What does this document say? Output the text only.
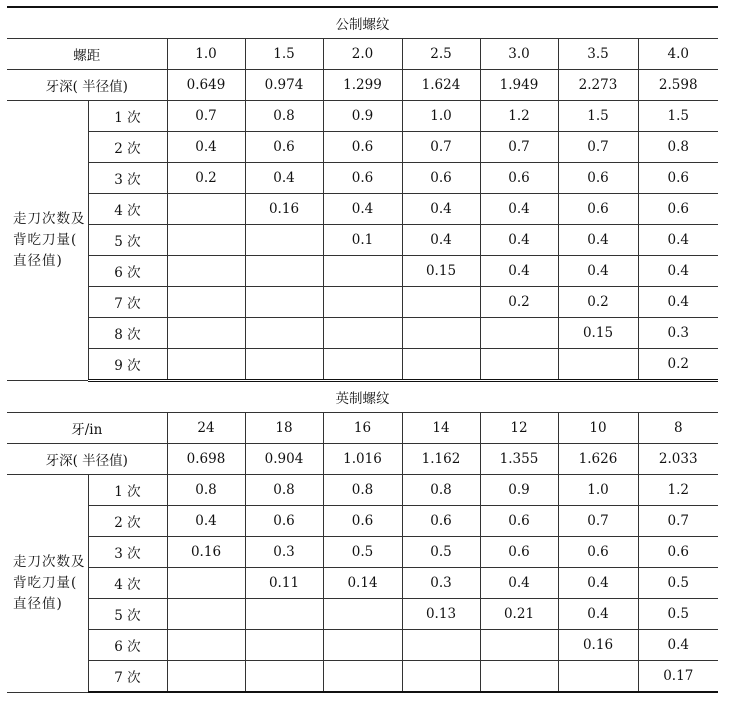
公制螺纹								
螺距		1.0	1.5	2.0	2.5	3.0	3.5	4.0
牙深( 半径值)		0.649	0.974	1.299	1.624	1.949	2.273	2.598
走刀次数及背吃刀量( 直径值)	1 次	0.7	0.8	0.9	1.0	1.2	1.5	1.5
	2 次	0.4	0.6	0.6	0.7	0.7	0.7	0.8
	3 次	0.2	0.4	0.6	0.6	0.6	0.6	0.6
	4 次		0.16	0.4	0.4	0.4	0.6	0.6
	5 次			0.1	0.4	0.4	0.4	0.4
	6 次				0.15	0.4	0.4	0.4
	7 次					0.2	0.2	0.4
	8 次						0.15	0.3
	9 次							0.2
英制螺纹								
牙/in		24	18	16	14	12	10	8
牙深( 半径值)		0.698	0.904	1.016	1.162	1.355	1.626	2.033
走刀次数及背吃刀量( 直径值)	1 次	0.8	0.8	0.8	0.8	0.9	1.0	1.2
	2 次	0.4	0.6	0.6	0.6	0.6	0.7	0.7
	3 次	0.16	0.3	0.5	0.5	0.6	0.6	0.6
	4 次		0.11	0.14	0.3	0.4	0.4	0.5
	5 次				0.13	0.21	0.4	0.5
	6 次						0.16	0.4
	7 次							0.17
